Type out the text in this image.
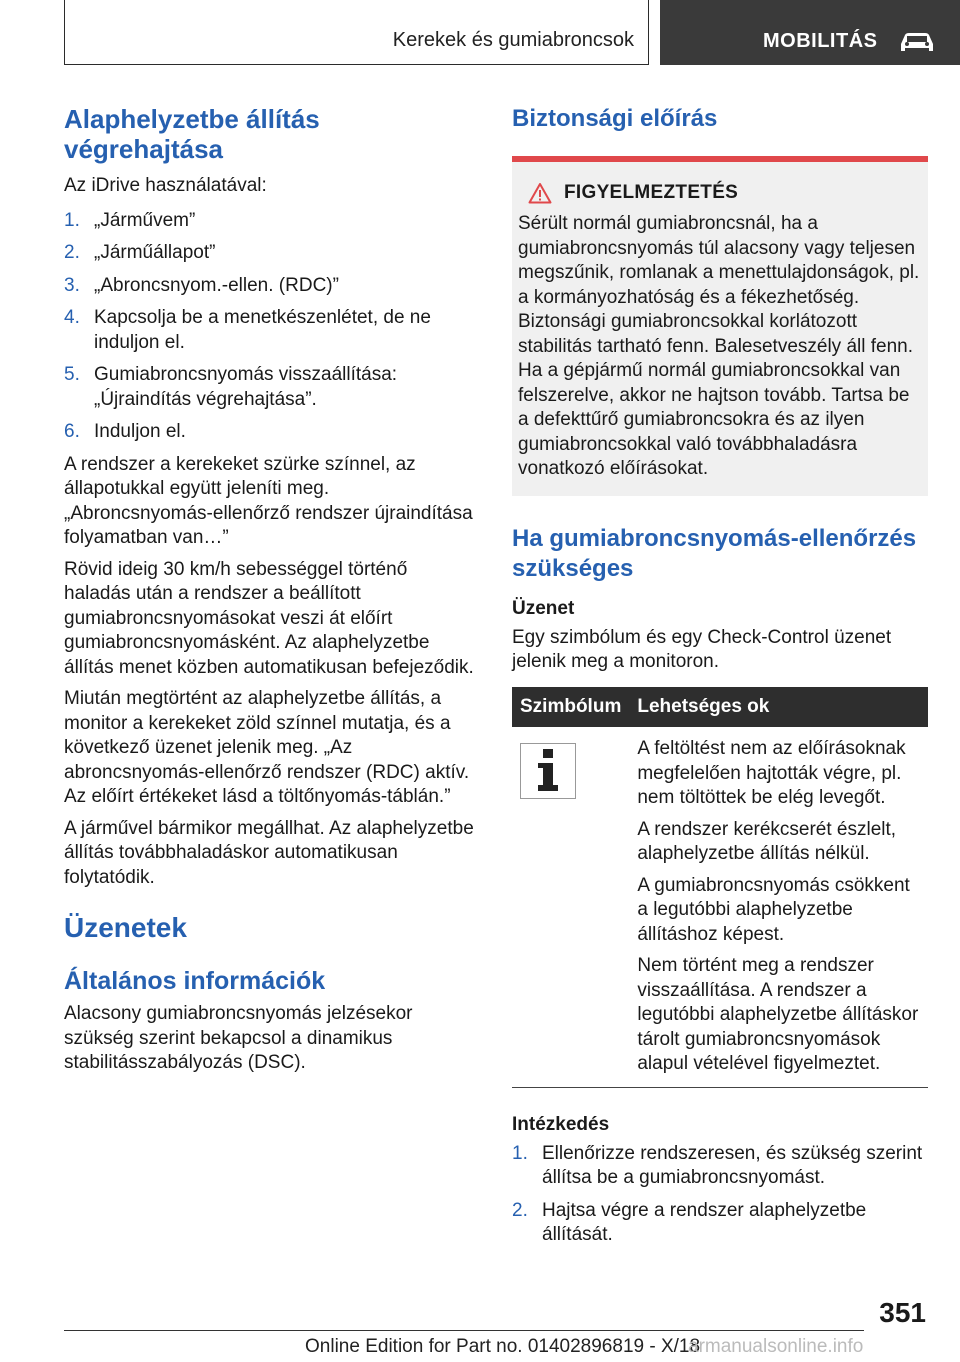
Kerekek és gumiabroncsok	MOBILITÁS
Alaphelyzetbe állítás végrehajtása

Az iDrive használatával:

1. „Járművem”
2. „Járműállapot”
3. „Abroncsnyom.-ellen. (RDC)”
4. Kapcsolja be a menetkészenlétet, de ne induljon el.
5. Gumiabroncsnyomás visszaállítása: „Újraindítás végrehajtása”.
6. Induljon el.

A rendszer a kerekeket szürke színnel, az állapotukkal együtt jeleníti meg. „Abroncsnyomás-ellenőrző rendszer újraindítása folyamatban van…”

Rövid ideig 30 km/h sebességgel történő haladás után a rendszer a beállított gumiabroncsnyomásokat veszi át előírt gumiabroncsnyomásként. Az alaphelyzetbe állítás menet közben automatikusan befejeződik.

Miután megtörtént az alaphelyzetbe állítás, a monitor a kerekeket zöld színnel mutatja, és a következő üzenet jelenik meg. „Az abroncsnyomás-ellenőrző rendszer (RDC) aktív. Az előírt értékeket lásd a töltőnyomás-táblán.”

A járművel bármikor megállhat. Az alaphelyzetbe állítás továbbhaladáskor automatikusan folytatódik.

Üzenetek
Általános információk

Alacsony gumiabroncsnyomás jelzésekor szükség szerint bekapcsol a dinamikus stabilitásszabályozás (DSC).

Biztonsági előírás
FIGYELMEZTETÉS
Sérült normál gumiabroncsnál, ha a gumiabroncsnyomás túl alacsony vagy teljesen megszűnik, romlanak a menettulajdonságok, pl. a kormányozhatóság és a fékezhetőség. Biztonsági gumiabroncsokkal korlátozott stabilitás tartható fenn. Balesetveszély áll fenn. Ha a gépjármű normál gumiabroncsokkal van felszerelve, akkor ne hajtson tovább. Tartsa be a defekttűrő gumiabroncsokra és az ilyen gumiabroncsokkal való továbbhaladásra vonatkozó előírásokat.
Ha gumiabroncsnyomás-ellenőrzés szükséges
Üzenet

Egy szimbólum és egy Check-Control üzenet jelenik meg a monitoron.

Szimbólum	Lehetséges ok

A feltöltést nem az előírásoknak megfelelően hajtották végre, pl. nem töltöttek be elég levegőt.

A rendszer kerékcserét észlelt, alaphelyzetbe állítás nélkül.

A gumiabroncsnyomás csökkent a legutóbbi alaphelyzetbe állításhoz képest.

Nem történt meg a rendszer visszaállítása. A rendszer a legutóbbi alaphelyzetbe állításkor tárolt gumiabroncsnyomások alapul vételével figyelmeztet.

Intézkedés
1. Ellenőrizze rendszeresen, és szükség szerint állítsa be a gumiabroncsnyomást.
2. Hajtsa végre a rendszer alaphelyzetbe állítását.
351
Online Edition for Part no. 01402896819 - X/18
armanualsonline.info
